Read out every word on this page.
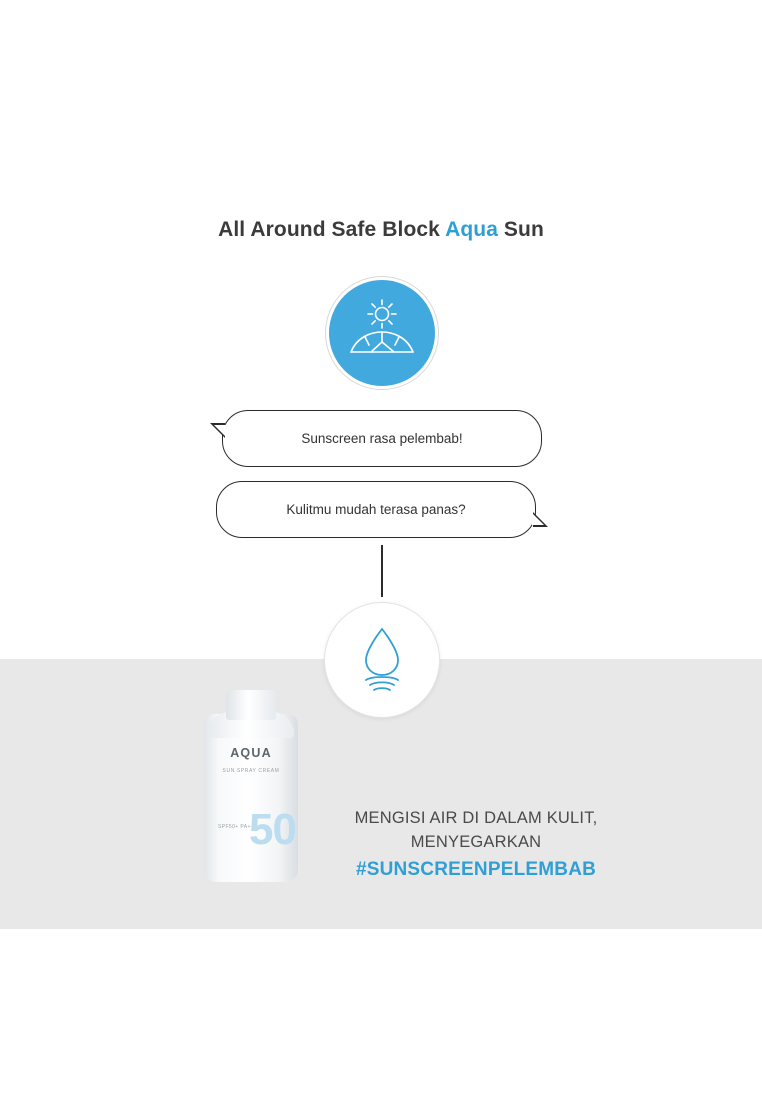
All Around Safe Block Aqua Sun
Sunscreen rasa pelembab!
Kulitmu mudah terasa panas?
AQUA
SUN SPRAY CREAM
SPF50+ PA++++
50	MENGISI AIR DI DALAM KULIT,
MENYEGARKAN
#SUNSCREENPELEMBAB
